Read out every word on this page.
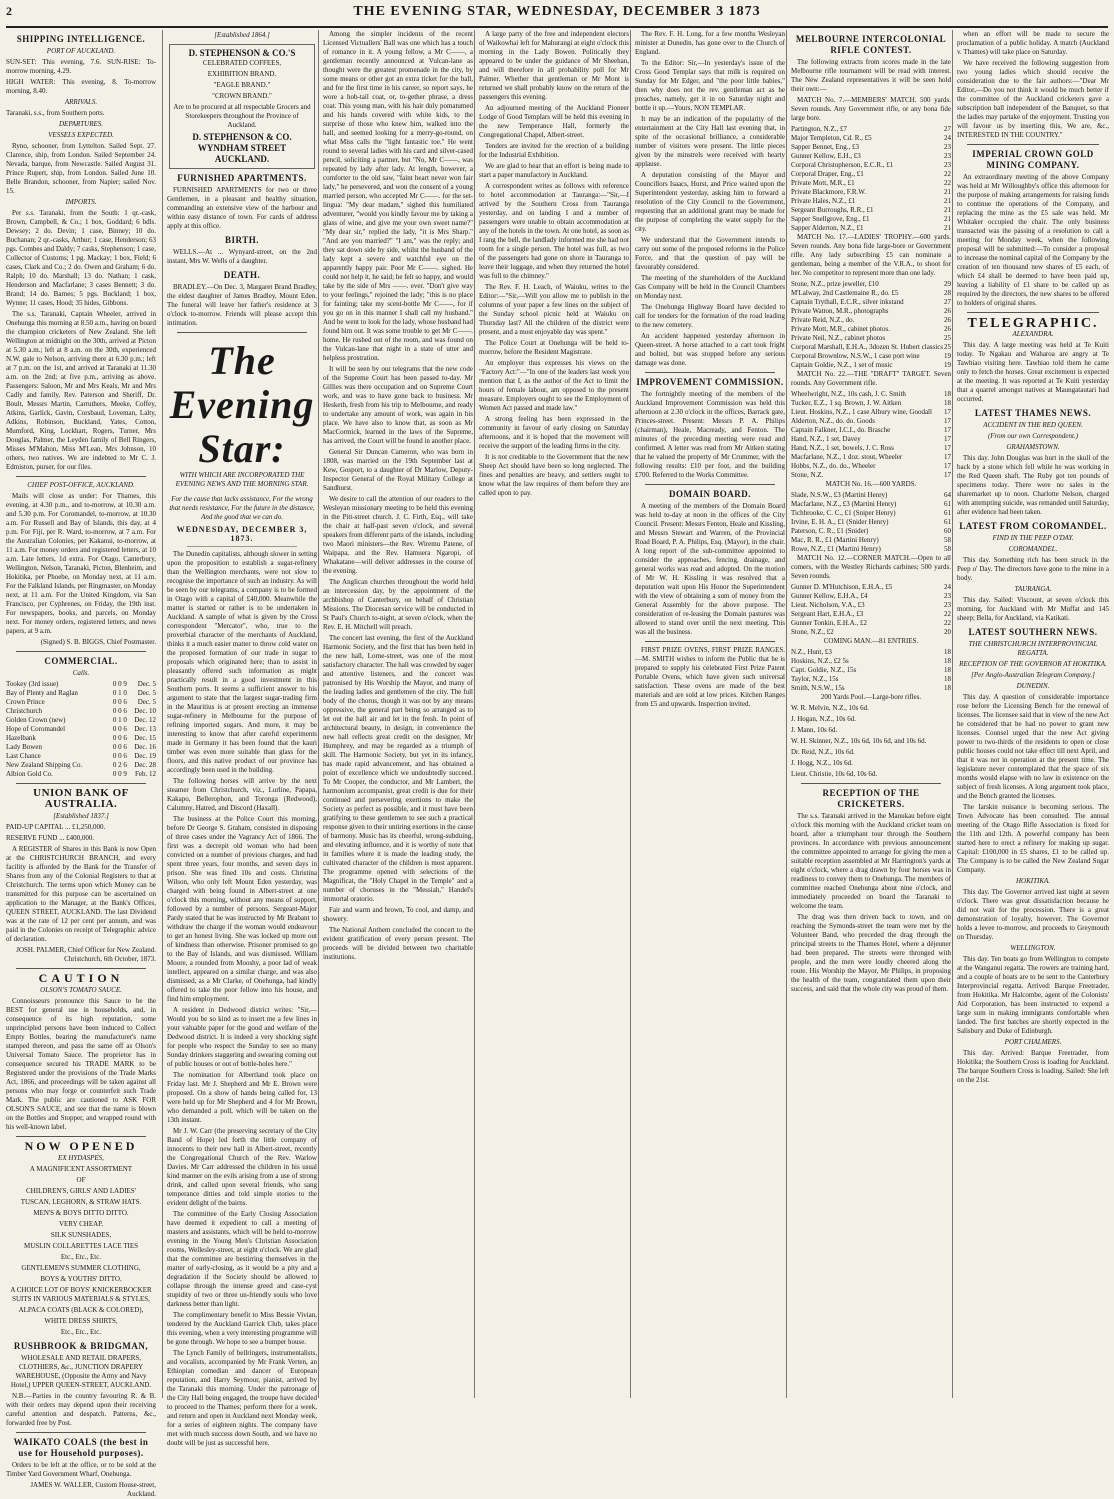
2	THE EVENING STAR, WEDNESDAY, DECEMBER 3 1873
SHIPPING INTELLIGENCE.
PORT OF AUCKLAND.

SUN-SET: This evening, 7.6. SUN-RISE: To-morrow morning, 4.29.

HIGH WATER: This evening, 8. To-morrow morning, 8.40.

ARRIVALS.

Taranaki, s.s., from Southern ports.

DEPARTURES.
VESSELS EXPECTED.

Ryno, schooner, from Lyttelton. Sailed Sept. 27. Clarence, ship, from London. Sailed September 24. Nevada, barque, from Newcastle. Sailed August 31. Prince Rupert, ship, from London. Sailed June 10. Belle Brandon, schooner, from Napier; sailed Nov. 15.

IMPORTS.

Per s.s. Taranaki, from the South: 1 qr.-cask, Brown, Campbell, & Co.; 1 box, Goddard; 6 bdls. Dewsey; 2 do. Devin; 1 case, Binney; 10 do. Buchanan; 2 qr.-casks, Arthur; 1 case, Henderson; 63 pgs. Combes and Daldy; 7 casks, Stephenson; 1 case, Collector of Customs; 1 pg. Mackay; 1 box, Field; 6 cases, Clark and Co.; 2 do. Owen and Graham; 6 do. Ralph; 10 do. Marshall; 13 do. Nathan; 1 cask, Henderson and Macfarlane; 3 cases Bennett; 3 do. Brand; 14 do. Barnes; 5 pgs. Buckland; 1 box, Wynne; 11 cases, Hood; 35 hides, Gibbons.

The s.s. Taranaki, Captain Wheeler, arrived in Onehunga this morning at 8.50 a.m., having on board the champion cricketers of New Zealand. She left Wellington at midnight on the 30th, arrived at Picton at 5.30 a.m.; left at 8 a.m. on the 30th, experienced N.W. gale to Nelson, arriving there at 6.30 p.m.; left at 7 p.m. on the 1st, and arrived at Taranaki at 11.30 a.m. on the 2nd; at five p.m., arriving as above. Passengers: Saloon, Mr and Mrs Keals, Mr and Mrs Cadly and family, Rev. Paterson and Sheriff, Dr. Boult, Messrs Martin, Carruthers, Meeke, Coffey, Atkins, Garlick, Gavin, Corsbaud, Loveman, Lalty, Adkins, Robinson, Buckland, Yates, Cotton, Mumford, King, Lockhart, Rogers, Turner, Mrs Douglas, Palmer, the Leyden family of Bell Ringers, Misses M'Mahon, Miss M'Lean, Mrs Johnson, 10 others, two natives. We are indebted to Mr C. J. Edmiston, purser, for our files.

CHIEF POST-OFFICE, AUCKLAND.

Mails will close as under: For Thames, this evening, at 4.30 p.m., and to-morrow, at 10.30 a.m. and 5.30 p.m. For Coromandel, to-morrow, at 10.30 a.m. For Russell and Bay of Islands, this day, at 4 p.m. For Fiji, per R. Ward, to-morrow, at 7 a.m. For the Australian Colonies, per Kakanui, to-morrow, at 11 a.m. For money orders and registered letters, at 10 a.m. Late letters, 1d extra. For Otago, Canterbury, Wellington, Nelson, Taranaki, Picton, Blenheim, and Hokitika, per Phoebe, on Monday next, at 11 a.m. For the Falkland Islands, per Ringmaster, on Monday next, at 11 a.m. For the United Kingdom, via San Francisco, per Cyphrenes, on Friday, the 19th inst. For newspapers, books, and parcels, on Monday next. For money orders, registered letters, and news papers, at 9 a.m.

(Signed) S. B. BIGGS, Chief Postmaster.

COMMERCIAL.
Calls.
Tookey (3rd issue)	0 0 9	Dec. 5
Bay of Plenty and Raglan	0 1 0	Dec. 5
Crown Prince	0 0 6	Dec. 5
Christchurch	0 0 6	Dec. 10
Golden Crown (new)	0 1 0	Dec. 12
Hope of Coromandel	0 0 6	Dec. 13
Hazelbank	0 0 6	Dec. 15
Lady Bowen	0 0 6	Dec. 16
Last Chance	0 0 6	Dec. 19
New Zealand Shipping Co.	0 2 6	Dec. 28
Albion Gold Co.	0 0 9	Feb. 12
UNION BANK OF AUSTRALIA.
[Established 1837.]

PAID-UP CAPITAL ... £1,250,000.

RESERVE FUND ... £400,000.

A REGISTER of Shares in this Bank is now Open at the CHRISTCHURCH BRANCH, and every facility is afforded by the Bank for the Transfer of Shares from any of the Colonial Registers to that at Christchurch. The terms upon which Money can be transmitted for this purpose can be ascertained on application to the Manager, at the Bank's Offices, QUEEN STREET, AUCKLAND. The last Dividend was at the rate of 12 per cent per annum, and was paid in the Colonies on receipt of Telegraphic advice of declaration.

JOSH. PALMER, Chief Officer for New Zealand. Christchurch, 6th October, 1873.

CAUTION
OLSON'S TOMATO SAUCE.

Connoisseurs pronounce this Sauce to be the BEST for general use in households, and, in consequence of its high reputation, some unprincipled persons have been induced to Collect Empty Bottles, bearing the manufacturer's name stamped thereon, and pass the same off as Olson's Universal Tomato Sauce. The proprietor has in consequence secured his TRADE MARK to be Registered under the provisions of the Trade Marks Act, 1866, and proceedings will be taken against all persons who may forge or counterfeit such Trade Mark. The public are cautioned to ASK FOR OLSON'S SAUCE, and see that the name is blown on the Bottles and Stopper, and wrapped round with his well-known label.

NOW OPENED
EX HYDASPES,

A MAGNIFICENT ASSORTMENT

OF

CHILDREN'S, GIRLS' AND LADIES'

TUSCAN, LEGHORN, & STRAW HATS.

MEN'S & BOYS DITTO DITTO.

VERY CHEAP.

SILK SUNSHADES,

MUSLIN COLLARETTES LACE TIES

Etc., Etc., Etc.

GENTLEMEN'S SUMMER CLOTHING,

BOYS & YOUTHS' DITTO.

A CHOICE LOT OF BOYS' KNICKERBOCKER SUITS IN VARIOUS MATERIALS & STYLES,

ALPACA COATS (BLACK & COLORED),

WHITE DRESS SHIRTS,

Etc., Etc., Etc.

RUSHBROOK & BRIDGMAN,

WHOLESALE AND RETAIL DRAPERS, CLOTHIERS, &c., JUNCTION DRAPERY WAREHOUSE, (Opposite the Army and Navy Hotel,) UPPER QUEEN-STREET, AUCKLAND.

N.B.—Parties in the country favouring R. & B. with their orders may depend upon their receiving careful attention and despatch. Patterns, &c., forwarded free by Post.

WAIKATO COALS (the best in use for Household purposes).

Orders to be left at the office, or to be sold at the Timber Yard Government Wharf, Onehunga.

JAMES W. WALLER, Custom House-street, Auckland.

[Established 1864.]
D. STEPHENSON & CO.'S

CELEBRATED COFFEES,

EXHIBITION BRAND.

"EAGLE BRAND."

"CROWN BRAND."

Are to be procured at all respectable Grocers and Storekeepers throughout the Province of Auckland.

D. STEPHENSON & CO. WYNDHAM STREET AUCKLAND.
FURNISHED APARTMENTS.

FURNISHED APARTMENTS for two or three Gentlemen, in a pleasant and healthy situation, commanding an extensive view of the harbour and within easy distance of town. For cards of address apply at this office.

BIRTH.

WELLS.—At ... Wynyard-street, on the 2nd instant, Mrs W. Wells of a daughter.

DEATH.

BRADLEY.—On Dec. 3, Margaret Brand Bradley, the eldest daughter of James Bradley, Mount Eden. The funeral will leave her father's residence at 3 o'clock to-morrow. Friends will please accept this intimation.

The Evening Star:
WITH WHICH ARE INCORPORATED THE EVENING NEWS AND THE MORNING STAR.

For the cause that lacks assistance, For the wrong that needs resistance, For the future in the distance, And the good that we can do.

WEDNESDAY, DECEMBER 3, 1873.

The Dunedin capitalists, although slower in setting upon the proposition to establish a sugar-refinery than the Wellington merchants, were not slow to recognise the importance of such an industry. As will be seen by our telegrams, a company is to be formed in Otago with a capital of £40,000. Meanwhile the matter is started or rather is to be undertaken in Auckland. A sample of what is given by the Cross correspondent "Mercator", who, true to the proverbial character of the merchants of Auckland, thinks it a much easier matter to throw cold water on the proposed formation of our trade in sugar to proposals which originated here; than to assist in pleasantly offered such information as might practically result in a good investment in this Southern ports. It seems a sufficient answer to his argument to state that the largest sugar-trading firm in the Mauritius is at present erecting an immense sugar-refinery in Melbourne for the purpose of refining imported sugars. And more, it may be interesting to know that after careful experiments made in Germany it has been found that the kauri timber was even more suitable than glass for the floors, and this native product of our province has accordingly been used in the building.

The following horses will arrive by the next steamer from Christchurch, viz., Lurline, Papapa, Kakapo, Bellerophon, and Toronga (Redwood), Calumny, Hatred, and Discord (Haxall).

The business at the Police Court this morning, before Dr George S. Graham, consisted in disposing of three cases under the Vagrancy Act of 1866. The first was a decrepit old woman who had been convicted on a number of previous charges, and had spent three years, four months, and seven days in prison. She was fined 10s and costs. Christina Wilson, who only left Mount Eden yesterday, was charged with being found in Albert-street at one o'clock this morning, without any means of support, followed by a number of persons. Sergeant-Major Pardy stated that he was instructed by Mr Brabant to withdraw the charge if the woman would endeavour to get an honest living. She was locked up more out of kindness than otherwise. Prisoner promised to go to the Bay of Islands, and was dismissed. William Moore, a rounded from Mooshy, a poor lad of weak intellect, appeared on a similar charge, and was also dismissed, as a Mr Clarke, of Onehunga, had kindly offered to take the poor fellow into his house, and find him employment.

A resident in Dedwood district writes: "Sir,—Would you be so kind as to insert me a few lines in your valuable paper for the good and welfare of the Dedwood district. It is indeed a very shocking sight for people who respect the Sunday to see so many Sunday drinkers staggering and swearing coming out of public houses or out of bottle-holes here."

The nomination for Albertland took place on Friday last. Mr J. Shepherd and Mr E. Brown were proposed. On a show of hands being called for, 13 were held up for Mr Shepherd and 4 for Mr Brown, who demanded a poll, which will be taken on the 13th instant.

Mr J. W. Carr (the preserving secretary of the City Band of Hope) led forth the little company of innocents to their new hall in Albert-street, recently the Congregational Church of the Rev. Warlow Davies. Mr Carr addressed the children in his usual kind manner on the evils arising from a use of strong drink, and called upon several friends, who sang temperance ditties and told simple stories to the evident delight of the bairns.

The committee of the Early Closing Association have deemed it expedient to call a meeting of masters and assistants, which will be held to-morrow evening in the Young Men's Christian Association rooms, Wellesley-street, at eight o'clock. We are glad that the committee are bestirring themselves in the matter of early-closing, as it would be a pity and a degradation if the Society should be allowed to collapse through the intense greed and case-cyst stupidity of two or three un-friendly souls who love darkness better than light.

The complimentary benefit to Miss Bessie Vivian, tendered by the Auckland Garrick Club, takes place this evening, when a very interesting programme will be gone through. We hope to see a bumper house.

The Lynch Family of bellringers, instrumentalists, and vocalists, accompanied by Mr Frank Verten, an Ethiopian comedian and dancer of European reputation, and Harry Seymour, pianist, arrived by the Taranaki this morning. Under the patronage of the City Hall being engaged, the troupe have decided to proceed to the Thames; perform there for a week, and return and open in Auckland next Monday week, for a series of eighteen nights. The company have met with much success down South, and we have no doubt will be just as successful here.

Among the simpler incidents of the recent Licensed Victuallers' Ball was one which has a touch of romance in it. A young fellow, a Mr C——, a gentleman recently announced at Vulcan-lane as thought were the greatest promenade in the city, by some means or other got an extra ticket for the ball, and for the first time in his career, so report says, he wore a hob-tail coat, or, to-gether phrase, a dress coat. This young man, with his hair duly pomatumed and his hands covered with white kids, to the surprise of those who knew him, walked into the hall, and seemed looking for a merry-go-round, on what Miss calls the "light fantastic toe." He went round to several ladies with his card and silver-cased pencil, soliciting a partner, but "No, Mr C——, was repeated by lady after lady. At length, however, a comforter to the old saw, "faint heart never won fair lady," he persevered, and won the consent of a young married person, who accepted Mr C——. for the set-lingua: "My dear madam," sighed this humiliated adventurer, "would you kindly favour me by taking a glass of wine, and give me your own sweet name?" "My dear sir," replied the lady, "it is Mrs Sharp." "And are you married?" "I am," was the reply; and they sat down side by side, whilst the husband of the lady kept a severe and watchful eye on the apparently happy pair. Poor Mr C——. sighed. He could not help it, he said; he felt so happy, and would take by the side of Mrs ——. ever. "Don't give way to your feelings," rejoined the lady; "this is no place for fainting; take my scent-bottle Mr C——, for if you go on in this manner I shall call my husband." And he went to look for the lady, whose husband had found him out. It was some trouble to get Mr C——. home. He rushed out of the room, and was found on the Vulcan-lane that night in a state of utter and helpless prostration.

It will be seen by our telegrams that the new code of the Supreme Court has been passed to-day. Mr Gillies was there occupation and on Supreme Court work, and was to have gone back to business. Mr Hesketh, fresh from his trip to Melbourne, and ready to undertake any amount of work, was again in his place. We have also to know that, as soon as Mr MacCormick, learned in the laws of the Supreme, has arrived, the Court will be found in another place.

General Sir Duncan Cameron, who was born in 1808, was married on the 19th September last at Kew, Gosport, to a daughter of Dr Marlow, Deputy-Inspector General of the Royal Military College at Sandhurst.

We desire to call the attention of our readers to the Wesleyan missionary meeting to be held this evening in the Pitt-street church. J. C. Firth, Esq., will take the chair at half-past seven o'clock, and several speakers from different parts of the islands, including two Maori ministers—the Rev. Wiremu Patene, of Waipapa, and the Rev. Hamuera Ngaropi, of Whakatane—will deliver addresses in the course of the evening.

The Anglican churches throughout the world held an intercession day, by the appointment of the archbishop of Canterbury, on behalf of Christian Missions. The Diocesan service will be conducted in St Paul's Church to-night, at seven o'clock, when the Rev. E. H. Mitchell will preach.

The concert last evening, the first of the Auckland Harmonic Society, and the first that has been held in the new hall, Lorne-street, was one of the most satisfactory character. The hall was crowded by eager and attentive listeners, and the concert was patronised by His Worship the Mayor, and many of the leading ladies and gentlemen of the city. The full body of the chorus, though it was not by any means oppressive, the general part being so arranged as to let out the hall air and let in the fresh. In point of architectural beauty, in design, in convenience the new hall reflects great credit on the designer, Mr Humphrey, and may be regarded as a triumph of skill. The Harmonic Society, but yet in its infancy, has made rapid advancement, and has obtained a point of excellence which we undoubtedly succeed. To Mr Cooper, the conductor, and Mr Lambert, the harmonium accompanist, great credit is due for their continued and persevering exertions to make the Society as perfect as possible, and it must have been gratifying to these gentlemen to see such a practical response given to their untiring exertions in the cause of harmony. Music has its cheerful, wrong-subduing, and elevating influence, and it is worthy of note that in families where it is made the leading study, the cultivated character of the children is most apparent. The programme opened with selections of the Magnificat, the "Holy Chapel in the Temple" and a number of choruses in the "Messiah," Handel's immortal oratorio.

Fair and warm and brown, To cool, and damp, and showery.

The National Anthem concluded the concert to the evident gratification of every person present. The proceeds will be divided between two charitable institutions.

A large party of the free and independent electors of Waikowhai left for Mahurangi at eight o'clock this morning in the Lady Bowen. Politically they appeared to be under the guidance of Mr Sheehan, and will therefore in all probability poll for Mr Palmer. Whether that gentleman or Mr Mont is returned we shall probably know on the return of the passengers this evening.

An adjourned meeting of the Auckland Pioneer Lodge of Good Templars will be held this evening in the new Temperance Hall, formerly the Congregational Chapel, Albert-street.

Tenders are invited for the erection of a building for the Industrial Exhibition.

We are glad to hear that an effort is being made to start a paper manufactory in Auckland.

A correspondent writes as follows with reference to hotel accommodation at Tauranga:—"Sir,—I arrived by the Southern Cross from Tauranga yesterday, and on landing I and a number of passengers were unable to obtain accommodation at any of the hotels in the town. At one hotel, as soon as I rang the bell, the landlady informed me she had not room for a single person. The hotel was full, as two of the passengers had gone on shore in Tauranga to leave their luggage, and when they returned the hotel was full to the chimney."

The Rev. F. H. Leach, of Waiuku, writes to the Editor:—"Sir,—Will you allow me to publish in the columns of your paper a few lines on the subject of the Sunday school picnic held at Waiuku on Thursday last? All the children of the district were present, and a most enjoyable day was spent."

The Police Court at Onehunga will be held to-morrow, before the Resident Magistrate.

An employer thus expresses his views on the "Factory Act:"—"In one of the leaders last week you mention that I, as the author of the Act to limit the hours of female labour, am opposed to the present measure. Employers ought to see the Employment of Women Act passed and made law."

A strong feeling has been expressed in the community in favour of early closing on Saturday afternoons, and it is hoped that the movement will receive the support of the leading firms in the city.

It is not creditable to the Government that the new Sheep Act should have been so long neglected. The fines and penalties are heavy, and settlers ought to know what the law requires of them before they are called upon to pay.

The Rev. F. H. Long, for a few months Wesleyan minister at Dunedin, has gone over to the Church of England.

To the Editor: Sir,—In yesterday's issue of the Cross Good Templar says that milk is required on Sunday for Mr Edger, and "the poor little babies," then why does not the rev. gentleman act as he preaches, namely, get it in on Saturday night and bottle it up.—Yours, NON TEMPLAR.

It may be an indication of the popularity of the entertainment at the City Hall last evening that, in spite of the occasional brilliance, a considerable number of visitors were present. The little pieces given by the minstrels were received with hearty applause.

A deputation consisting of the Mayor and Councillors Isaacs, Hurst, and Price waited upon the Superintendent yesterday, asking him to forward a resolution of the City Council to the Government, requesting that an additional grant may be made for the purpose of completing the water supply for the city.

We understand that the Government intends to carry out some of the proposed reforms in the Police Force, and that the question of pay will be favourably considered.

The meeting of the shareholders of the Auckland Gas Company will be held in the Council Chambers on Monday next.

The Onehunga Highway Board have decided to call for tenders for the formation of the road leading to the new cemetery.

An accident happened yesterday afternoon in Queen-street. A horse attached to a cart took fright and bolted, but was stopped before any serious damage was done.

IMPROVEMENT COMMISSION.

The fortnightly meeting of the members of the Auckland Improvement Commission was held this afternoon at 2.30 o'clock in the offices, Barrack gate, Princes-street. Present: Messrs P. A. Philips (chairman), Heale, Macready, and Fenton. The minutes of the preceding meeting were read and confirmed. A letter was read from Mr Aitken stating that he valued the property of Mr Crummer, with the following results: £10 per foot, and the building £700. Referred to the Works Committee.

DOMAIN BOARD.

A meeting of the members of the Domain Board was held to-day at noon in the offices of the City Council. Present: Messrs Fenton, Heale and Kissling, and Messrs Stewart and Warren, of the Provincial Road Board, P. A. Philips, Esq. (Mayor), in the chair. A long report of the sub-committee appointed to consider the approaches, fencing, drainage, and general works was read and adopted. On the motion of Mr W. H. Kissling it was resolved that a deputation wait upon His Honor the Superintendent with the view of obtaining a sum of money from the General Assembly for the above purpose. The consideration of re-leasing the Domain pastures was allowed to stand over until the next meeting. This was all the business.

FIRST PRIZE OVENS, FIRST PRIZE RANGES.—M. SMITH wishes to inform the Public that he is prepared to supply his celebrated First Prize Patent Portable Ovens, which have given such universal satisfaction. These ovens are made of the best materials and are sold at low prices. Kitchen Ranges from £5 and upwards. Inspection invited.

MELBOURNE INTERCOLONIAL RIFLE CONTEST.

The following extracts from scores made in the late Melbourne rifle tournament will be read with interest. The New Zealand representatives it will be seen hold their own:—

MATCH No. 7.—MEMBERS' MATCH. 500 yards. Seven rounds. Any Government rifle, or any bona fide large bore.

Partington, N.Z., £7	27
Major Templeton, Cd. R., £5	24
Sapper Bennet, Eng., £3	23
Gunner Kellow, E.H., £3	23
Corporal Christopherson, E.C.R., £1	23
Corporal Draper, Eng., £1	22
Private Mott, M.R., £1	22
Private Blackmore, F.R.W.	21
Private Hales, N.Z., £1	21
Sergeant Burroughs, R.R., £1	21
Sapper Snellgrove, Eng., £1	21
Sapper Alderton, N.Z., £1	21

MATCH No. 17.—LADIES' TROPHY.—600 yards. Seven rounds. Any bona fide large-bore or Government rifle. Any lady subscribing £5 can nominate a gentleman, being a member of the V.R.A., to shoot for her. No competitor to represent more than one lady.

Stone, N.Z., prize jeweller, £10	29
M'Lalway, 2nd Castlemaine R., do. £5	28
Captain Trythall, E.C.R., silver inkstand	27
Private Watton, M.R., photographs	26
Private Reid, N.Z., do.	26
Private Mott, M.R., cabinet photos.	26
Private Neil, N.Z., cabinet photos	25
Corporal Marshall, E.H.A., 3dozen St. Hubert classics 25
Corporal Brownlow, N.S.W., 1 case port wine	19
Captain Goldie, N.Z., 1 set of music	19

MATCH No. 22.—THE "DRAFT" TARGET. Seven rounds. Any Government rifle.

Wheelwright, N.Z., 10s cash, J. C. Smith	18
Tucker, E.Z., 1 sq. Brown, J. W. Aitken	18
Lieut. Hoskins, N.Z., 1 case Albury wine, Goodall 17
Alderton, N.Z., do. do. Goods	17
Captain Falkner, I.C.I., do. Brasche	17
Hand, N.Z., 1 set, Davey	17
Hand, N.Z., 1 set, bowels, J. C. Ross	17
Macfarlane, N.Z., 1 doz. stout, Wheeler	17
Hobbs, N.Z., do. do., Wheeler	17
Stone, N.Z.	17

MATCH No. 16.—600 YARDS.

Slade, N.S.W., £3 (Martini Henry)	64
Macfarlane, N.Z., £3 (Martini Henry)	61
Tichbrooke, C. C., £1 (Sniper Henry)	61
Irvine, E. H. A., £1 (Snider Henry)	61
Paterson, C. R., £1 (Snider)	60
Mac, R. R., £1 (Martini Henry)	58
Rowe, N.Z., £1 (Martini Henry)	58

MATCH No. 12.—CORNER MATCH.—Open to all comers, with the Westley Richards carbines; 500 yards. Seven rounds.

Gunner D. M'Hutchison, E.H.A., £5	24
Gunner Kellow, E.H.A., £4	23
Lieut. Nicholson, V.A., £3	23
Sergeant Hart, E.H.A., £3	22
Gunner Tonkin, E.H.A., £2	22
Stone, N.Z., £2	20

COMING MAN.—81 ENTRIES.

N.Z., Hunt, £3	18
Hoskins, N.Z., £2 5s	18
Capt. Goldie, N.Z., 15s	18
Taylor, N.Z., 15s	18
Smith, N.S.W., 15s	18

200 Yards Pool.—Large-bore rifles.

W. R. Melvin, N.Z., 10s 6d.

J. Hogan, N.Z., 10s 6d.

J. Mann, 10s 6d.

W. H. Skinner, N.Z., 10s 6d, 10s 6d, and 10s 6d.

Dr. Reid, N.Z., 10s 6d.

J. Hogg, N.Z., 10s 6d.

Lieut. Christie, 10s 6d, 10s 6d.

RECEPTION OF THE CRICKETERS.

The s.s. Taranaki arrived in the Manukau before eight o'clock this morning with the Auckland cricket team on board, after a triumphant tour through the Southern provinces. In accordance with previous announcement the committee appointed to arrange for giving the men a suitable reception assembled at Mr Harrington's yards at eight o'clock, where a drag drawn by four horses was in readiness to convey them to Onehunga. The members of committee reached Onehunga about nine o'clock, and immediately proceeded on board the Taranaki to welcome the team.

The drag was then driven back to town, and on reaching the Symonds-street the team were met by the Volunteer Band, who preceded the drag through the principal streets to the Thames Hotel, where a déjeuner had been prepared. The streets were thronged with people, and the men were loudly cheered along the route. His Worship the Mayor, Mr Philips, in proposing the health of the team, congratulated them upon their success, and said that the whole city was proud of them.

when an effort will be made to secure the proclamation of a public holiday. A match (Auckland v. Thames) will take place on Saturday.

We have received the following suggestion from two young ladies which should receive the consideration due to the fair authors:—"Dear Mr Editor,—Do you not think it would be much better if the committee of the Auckland cricketers gave a subscription ball independent of the Banquet, so that the ladies may partake of the enjoyment. Trusting you will favour us by inserting this, We are, &c., INTERESTED IN THE COUNTRY."

IMPERIAL CROWN GOLD MINING COMPANY.

An extraordinary meeting of the above Company was held at Mr Willoughby's office this afternoon for the purpose of making arrangements for raising funds to continue the operations of the Company, and replacing the mine as the £5 sale was held. Mr Whitaker occupied the chair. The only business transacted was the passing of a resolution to call a meeting for Monday week, when the following proposal will be submitted:—To consider a proposal to increase the nominal capital of the Company by the creation of ten thousand new shares of £5 each, of which £4 shall be deemed to have been paid up, leaving a liability of £1 share to be called up as required by the directors, the new shares to be offered to holders of original shares.

TELEGRAPHIC.
ALEXANDRA.

This day. A large meeting was held at Te Kuiti today. Te Ngakau and Waharoa are angry at Te Tawhiao visiting here. Tawhiao told them he came only to fetch the horses. Great excitement is expected at the meeting. It was reported at Te Kuiti yesterday that a quarrel amongst natives at Maungatautari had occurred.

LATEST THAMES NEWS.
ACCIDENT IN THE RED QUEEN.
(From our own Correspondent.)
GRAHAMSTOWN.

This day. John Douglas was hurt in the skull of the back by a stone which fell while he was working in the Red Queen shaft. The Ruby got ten pounds of specimens today. There were no sales in the sharemarket up to noon. Charlotte Nelson, charged with attempting suicide, was remanded until Saturday, after evidence had been taken.

LATEST FROM COROMANDEL.
FIND IN THE PEEP O'DAY.
COROMANDEL.

This day. Something rich has been struck in the Peep o' Day. The directors have gone to the mine in a body.

TAURANGA.

This day. Sailed: Viscount, at seven o'clock this morning, for Auckland with Mr Muffat and 145 sheep; Bella, for Auckland, via Katikati.

LATEST SOUTHERN NEWS.
THE CHRISTCHURCH INTERPROVINCIAL REGATTA.
RECEPTION OF THE GOVERNOR AT HOKITIKA.
[Per Anglo-Australian Telegram Company.]
DUNEDIN.

This day. A question of considerable importance rose before the Licensing Bench for the renewal of licenses. The licensee said that in view of the new Act he considered that he had no power to grant new licenses. Counsel urged that the new Act giving power to two-thirds of the residents to open or close public houses could not take effect till next April, and that it was not in operation at the present time. The legislature never contemplated that the space of six months would elapse with no law in existence on the subject of fresh licenses. A long argument took place, and the Bench granted the licenses.

The Iarskin nuisance is becoming serious. The Town Advocate has been consulted. The annual meeting of the Otago Rifle Association is fixed for the 11th and 12th. A powerful company has been started here to erect a refinery for making up sugar. Capital: £100,000 in £5 shares, £1 to be called up. The Company is to be called the New Zealand Sugar Company.

HOKITIKA.

This day. The Governor arrived last night at seven o'clock. There was great dissatisfaction because he did not wait for the procession. There is a great demonstration of loyalty, however. The Governor holds a levee to-morrow, and proceeds to Greymouth on Thursday.

WELLINGTON.

This day. Ten boats go from Wellington to compete at the Wanganui regatta. The rowers are training hard, and a couple of boats are to be sent to the Canterbury Interprovincial regatta. Arrived: Barque Freetrader, from Hokitika. Mr Halcombe, agent of the Colonists' Aid Corporation, has been instructed to expend a large sum in making immigrants comfortable when landed. The first batches are shortly expected in the Salisbury and Duke of Edinburgh.

PORT CHALMERS.

This day. Arrived: Barque Freetrader, from Hokitika; the Southern Cross is loading for Auckland. The barque Southern Cross is loading. Sailed: She left on the 21st.
